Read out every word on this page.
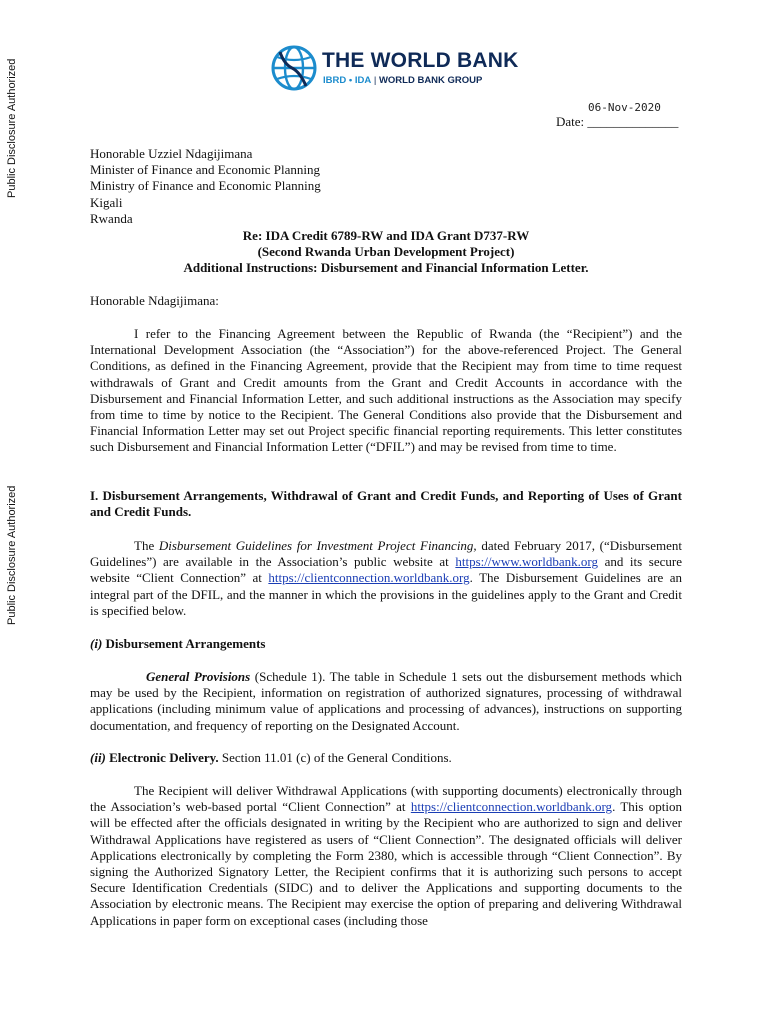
Public Disclosure Authorized
Public Disclosure Authorized
THE WORLD BANK
IBRD • IDA | WORLD BANK GROUP
06-Nov-2020
Date: ______________
Honorable Uzziel Ndagijimana
Minister of Finance and Economic Planning
Ministry of Finance and Economic Planning
Kigali
Rwanda
Re: IDA Credit 6789-RW and IDA Grant D737-RW
(Second Rwanda Urban Development Project)
Additional Instructions: Disbursement and Financial Information Letter.
Honorable Ndagijimana:
I refer to the Financing Agreement between the Republic of Rwanda (the “Recipient”) and the International Development Association (the “Association”) for the above-referenced Project. The General Conditions, as defined in the Financing Agreement, provide that the Recipient may from time to time request withdrawals of Grant and Credit amounts from the Grant and Credit Accounts in accordance with the Disbursement and Financial Information Letter, and such additional instructions as the Association may specify from time to time by notice to the Recipient. The General Conditions also provide that the Disbursement and Financial Information Letter may set out Project specific financial reporting requirements. This letter constitutes such Disbursement and Financial Information Letter (“DFIL”) and may be revised from time to time.
I. Disbursement Arrangements, Withdrawal of Grant and Credit Funds, and Reporting of Uses of Grant and Credit Funds.
The Disbursement Guidelines for Investment Project Financing, dated February 2017, (“Disbursement Guidelines”) are available in the Association’s public website at https://www.worldbank.org and its secure website “Client Connection” at https://clientconnection.worldbank.org. The Disbursement Guidelines are an integral part of the DFIL, and the manner in which the provisions in the guidelines apply to the Grant and Credit is specified below.
(i) Disbursement Arrangements
General Provisions (Schedule 1). The table in Schedule 1 sets out the disbursement methods which may be used by the Recipient, information on registration of authorized signatures, processing of withdrawal applications (including minimum value of applications and processing of advances), instructions on supporting documentation, and frequency of reporting on the Designated Account.
(ii) Electronic Delivery. Section 11.01 (c) of the General Conditions.
The Recipient will deliver Withdrawal Applications (with supporting documents) electronically through the Association’s web-based portal “Client Connection” at https://clientconnection.worldbank.org. This option will be effected after the officials designated in writing by the Recipient who are authorized to sign and deliver Withdrawal Applications have registered as users of “Client Connection”. The designated officials will deliver Applications electronically by completing the Form 2380, which is accessible through “Client Connection”. By signing the Authorized Signatory Letter, the Recipient confirms that it is authorizing such persons to accept Secure Identification Credentials (SIDC) and to deliver the Applications and supporting documents to the Association by electronic means. The Recipient may exercise the option of preparing and delivering Withdrawal Applications in paper form on exceptional cases (including those
